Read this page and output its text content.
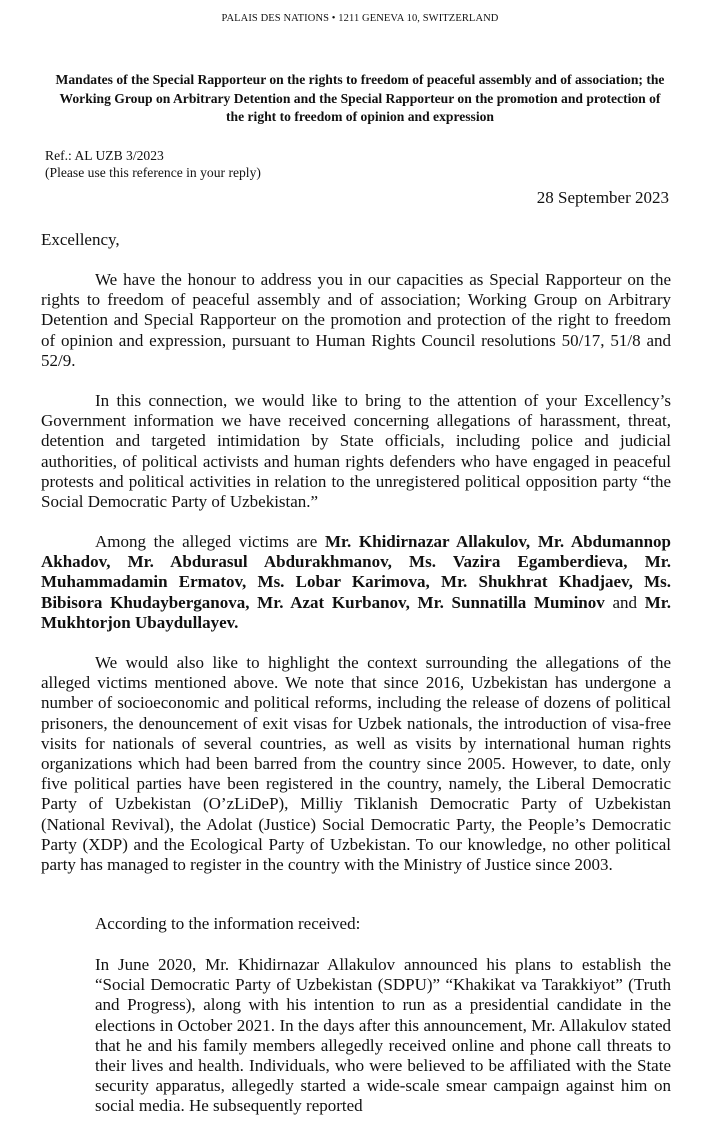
PALAIS DES NATIONS • 1211 GENEVA 10, SWITZERLAND
Mandates of the Special Rapporteur on the rights to freedom of peaceful assembly and of association; the Working Group on Arbitrary Detention and the Special Rapporteur on the promotion and protection of the right to freedom of opinion and expression
Ref.: AL UZB 3/2023
(Please use this reference in your reply)
28 September 2023
Excellency,

We have the honour to address you in our capacities as Special Rapporteur on the rights to freedom of peaceful assembly and of association; Working Group on Arbitrary Detention and Special Rapporteur on the promotion and protection of the right to freedom of opinion and expression, pursuant to Human Rights Council resolutions 50/17, 51/8 and 52/9.

In this connection, we would like to bring to the attention of your Excellency’s Government information we have received concerning allegations of harassment, threat, detention and targeted intimidation by State officials, including police and judicial authorities, of political activists and human rights defenders who have engaged in peaceful protests and political activities in relation to the unregistered political opposition party “the Social Democratic Party of Uzbekistan.”

Among the alleged victims are Mr. Khidirnazar Allakulov, Mr. Abdumannop Akhadov, Mr. Abdurasul Abdurakhmanov, Ms. Vazira Egamberdieva, Mr. Muhammadamin Ermatov, Ms. Lobar Karimova, Mr. Shukhrat Khadjaev, Ms. Bibisora Khudayberganova, Mr. Azat Kurbanov, Mr. Sunnatilla Muminov and Mr. Mukhtorjon Ubaydullayev.

We would also like to highlight the context surrounding the allegations of the alleged victims mentioned above. We note that since 2016, Uzbekistan has undergone a number of socioeconomic and political reforms, including the release of dozens of political prisoners, the denouncement of exit visas for Uzbek nationals, the introduction of visa-free visits for nationals of several countries, as well as visits by international human rights organizations which had been barred from the country since 2005. However, to date, only five political parties have been registered in the country, namely, the Liberal Democratic Party of Uzbekistan (O’zLiDeP), Milliy Tiklanish Democratic Party of Uzbekistan (National Revival), the Adolat (Justice) Social Democratic Party, the People’s Democratic Party (XDP) and the Ecological Party of Uzbekistan. To our knowledge, no other political party has managed to register in the country with the Ministry of Justice since 2003.

According to the information received:

In June 2020, Mr. Khidirnazar Allakulov announced his plans to establish the “Social Democratic Party of Uzbekistan (SDPU)” “Khakikat va Tarakkiyot” (Truth and Progress), along with his intention to run as a presidential candidate in the elections in October 2021. In the days after this announcement, Mr. Allakulov stated that he and his family members allegedly received online and phone call threats to their lives and health. Individuals, who were believed to be affiliated with the State security apparatus, allegedly started a wide-scale smear campaign against him on social media. He subsequently reported
